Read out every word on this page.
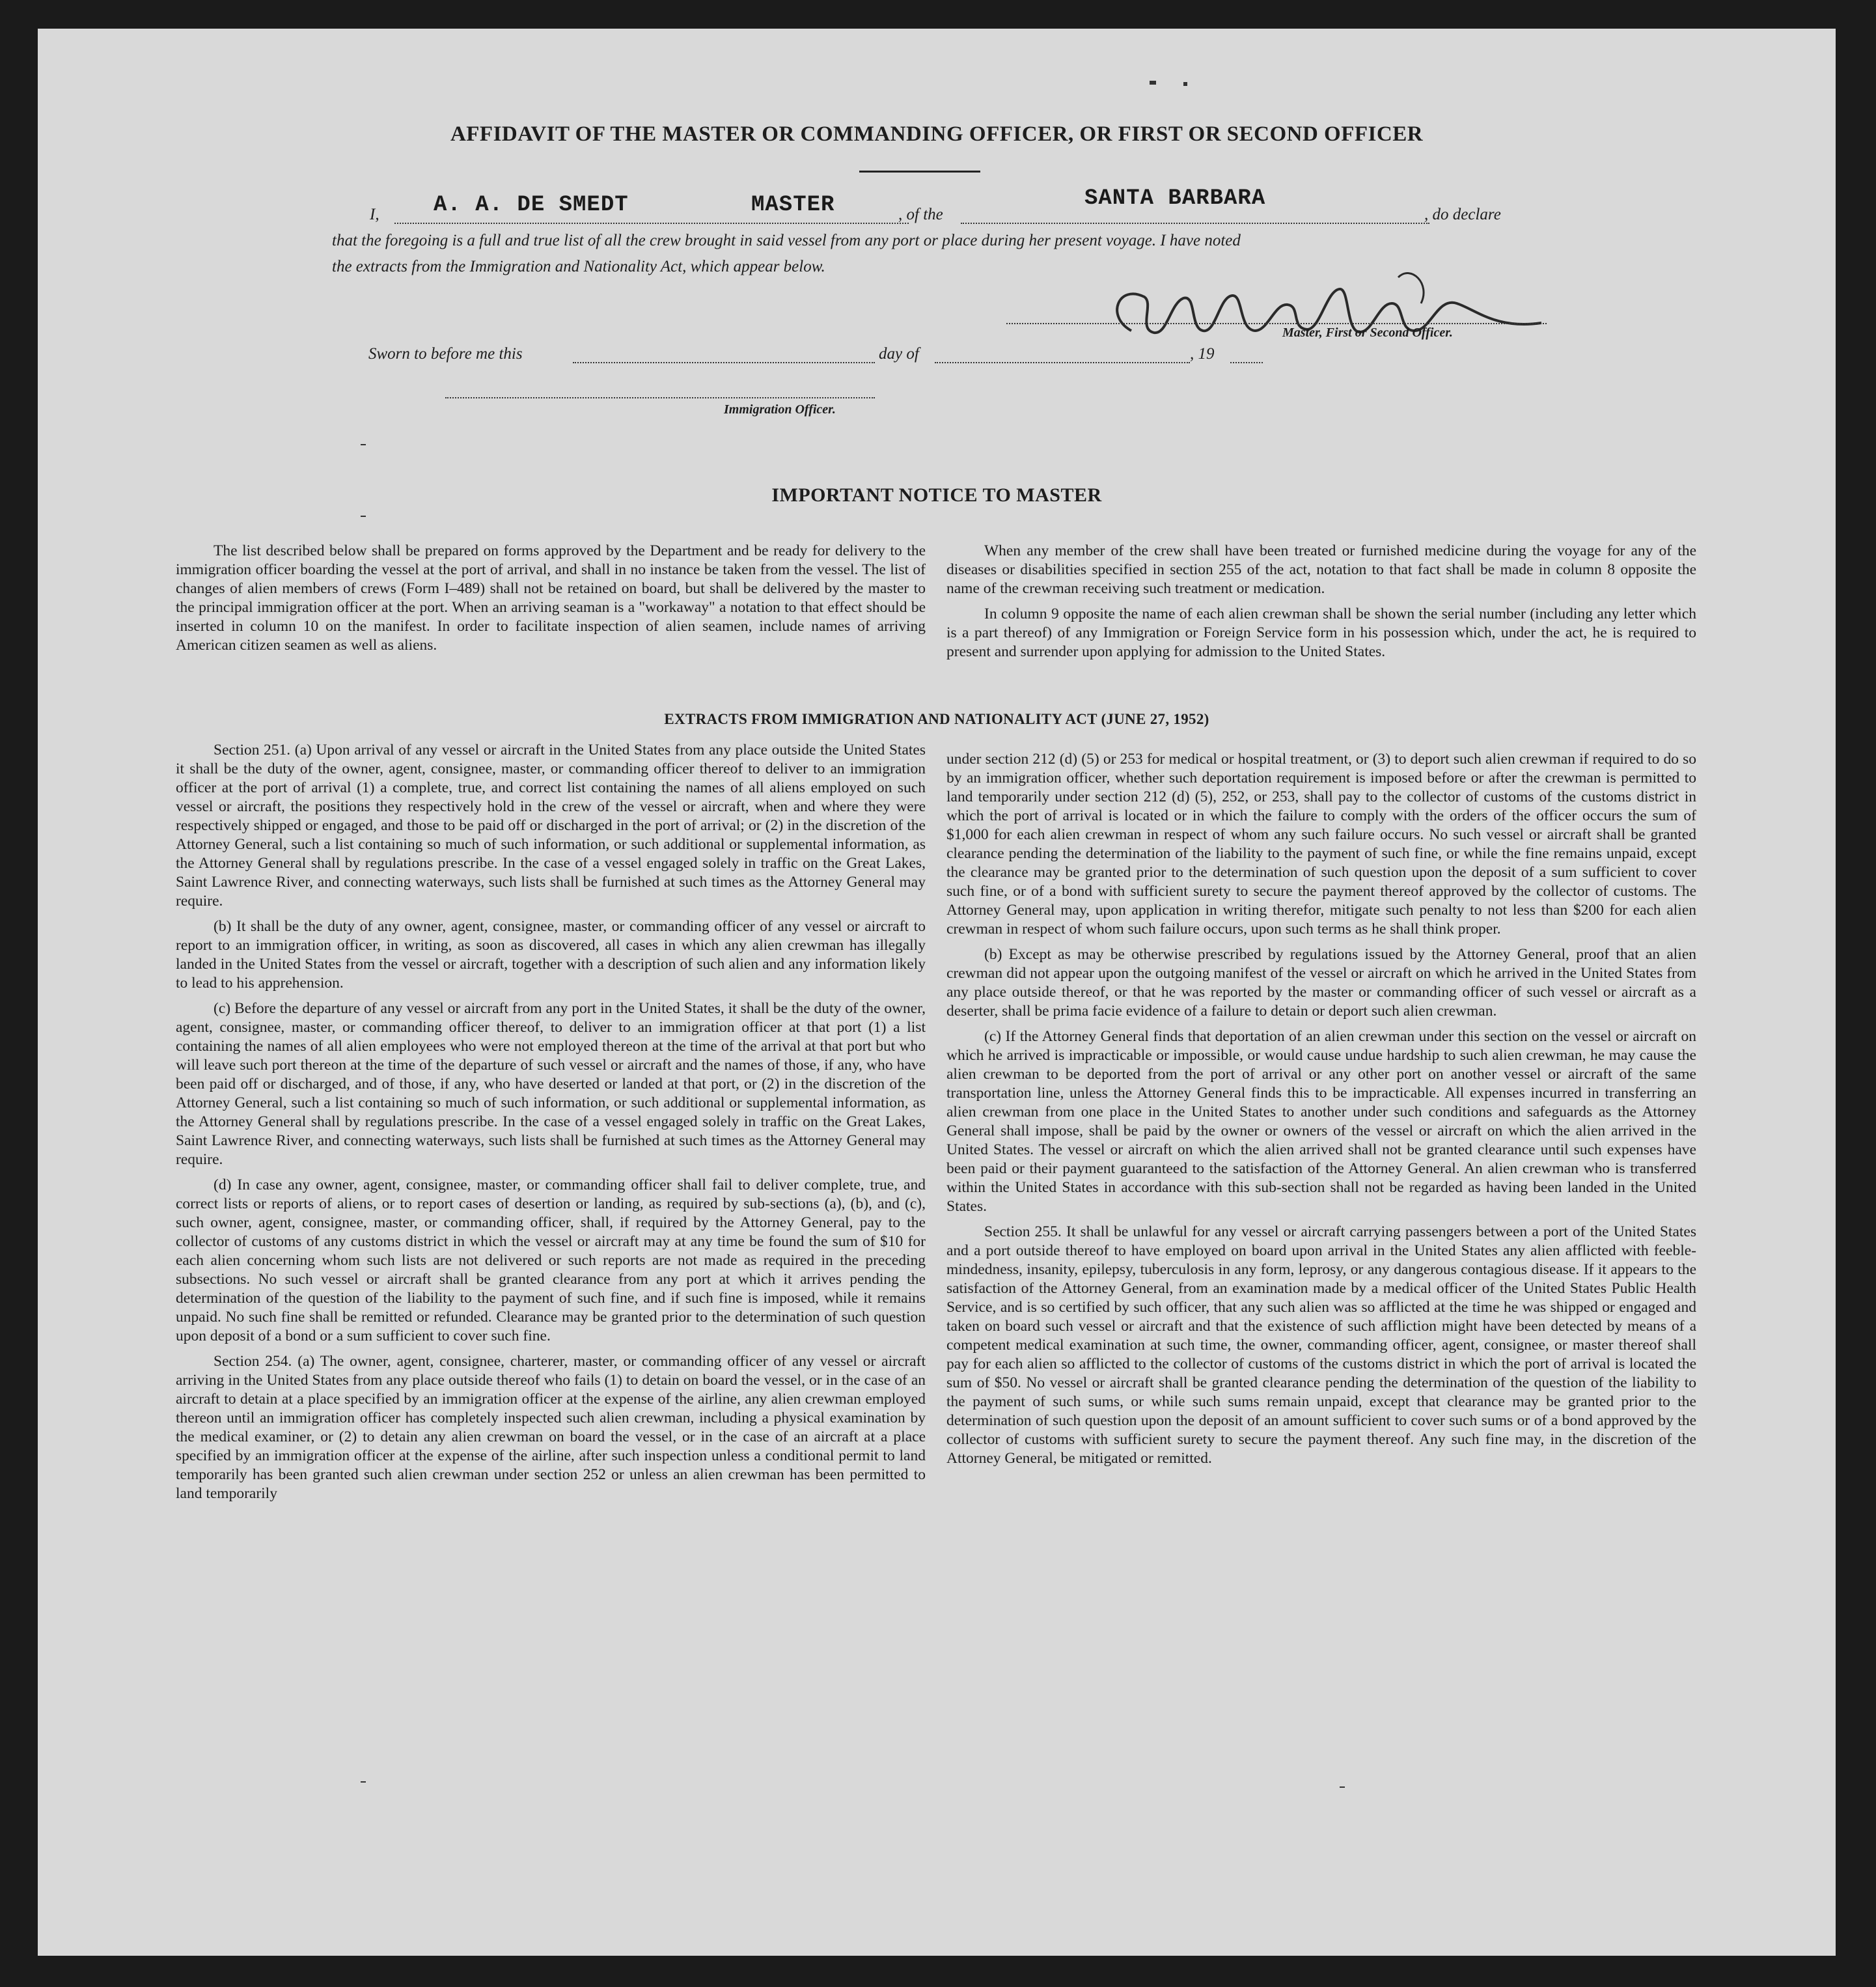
AFFIDAVIT OF THE MASTER OR COMMANDING OFFICER, OR FIRST OR SECOND OFFICER
I, A. A. DE SMEDT	MASTER	, of the
SANTA BARBARA
, do declare
that the foregoing is a full and true list of all the crew brought in said vessel from any port or place during her present voyage. I have noted
the extracts from the Immigration and Nationality Act, which appear below.
Master, First or Second Officer.
Sworn to before me this	day of	, 19
Immigration Officer.
IMPORTANT NOTICE TO MASTER

The list described below shall be prepared on forms approved by the Department and be ready for delivery to the immigration officer boarding the vessel at the port of arrival, and shall in no instance be taken from the vessel. The list of changes of alien members of crews (Form I–489) shall not be retained on board, but shall be delivered by the master to the principal immigration officer at the port. When an arriving seaman is a "workaway" a notation to that effect should be inserted in column 10 on the manifest. In order to facilitate inspection of alien seamen, include names of arriving American citizen seamen as well as aliens.

When any member of the crew shall have been treated or furnished medicine during the voyage for any of the diseases or disabilities specified in section 255 of the act, notation to that fact shall be made in column 8 opposite the name of the crewman receiving such treatment or medication.

In column 9 opposite the name of each alien crewman shall be shown the serial number (including any letter which is a part thereof) of any Immigration or Foreign Service form in his possession which, under the act, he is required to present and surrender upon applying for admission to the United States.

EXTRACTS FROM IMMIGRATION AND NATIONALITY ACT (JUNE 27, 1952)

Section 251. (a) Upon arrival of any vessel or aircraft in the United States from any place outside the United States it shall be the duty of the owner, agent, consignee, master, or commanding officer thereof to deliver to an immigration officer at the port of arrival (1) a complete, true, and correct list containing the names of all aliens employed on such vessel or aircraft, the positions they respectively hold in the crew of the vessel or aircraft, when and where they were respectively shipped or engaged, and those to be paid off or discharged in the port of arrival; or (2) in the discretion of the Attorney General, such a list containing so much of such information, or such additional or supplemental information, as the Attorney General shall by regulations prescribe. In the case of a vessel engaged solely in traffic on the Great Lakes, Saint Lawrence River, and connecting waterways, such lists shall be furnished at such times as the Attorney General may require.

(b) It shall be the duty of any owner, agent, consignee, master, or commanding officer of any vessel or aircraft to report to an immigration officer, in writing, as soon as discovered, all cases in which any alien crewman has illegally landed in the United States from the vessel or aircraft, together with a description of such alien and any information likely to lead to his apprehension.

(c) Before the departure of any vessel or aircraft from any port in the United States, it shall be the duty of the owner, agent, consignee, master, or commanding officer thereof, to deliver to an immigration officer at that port (1) a list containing the names of all alien employees who were not employed thereon at the time of the arrival at that port but who will leave such port thereon at the time of the departure of such vessel or aircraft and the names of those, if any, who have been paid off or discharged, and of those, if any, who have deserted or landed at that port, or (2) in the discretion of the Attorney General, such a list containing so much of such information, or such additional or supplemental information, as the Attorney General shall by regulations prescribe. In the case of a vessel engaged solely in traffic on the Great Lakes, Saint Lawrence River, and connecting waterways, such lists shall be furnished at such times as the Attorney General may require.

(d) In case any owner, agent, consignee, master, or commanding officer shall fail to deliver complete, true, and correct lists or reports of aliens, or to report cases of desertion or landing, as required by sub-sections (a), (b), and (c), such owner, agent, consignee, master, or commanding officer, shall, if required by the Attorney General, pay to the collector of customs of any customs district in which the vessel or aircraft may at any time be found the sum of $10 for each alien concerning whom such lists are not delivered or such reports are not made as required in the preceding subsections. No such vessel or aircraft shall be granted clearance from any port at which it arrives pending the determination of the question of the liability to the payment of such fine, and if such fine is imposed, while it remains unpaid. No such fine shall be remitted or refunded. Clearance may be granted prior to the determination of such question upon deposit of a bond or a sum sufficient to cover such fine.

Section 254. (a) The owner, agent, consignee, charterer, master, or commanding officer of any vessel or aircraft arriving in the United States from any place outside thereof who fails (1) to detain on board the vessel, or in the case of an aircraft to detain at a place specified by an immigration officer at the expense of the airline, any alien crewman employed thereon until an immigration officer has completely inspected such alien crewman, including a physical examination by the medical examiner, or (2) to detain any alien crewman on board the vessel, or in the case of an aircraft at a place specified by an immigration officer at the expense of the airline, after such inspection unless a conditional permit to land temporarily has been granted such alien crewman under section 252 or unless an alien crewman has been permitted to land temporarily

under section 212 (d) (5) or 253 for medical or hospital treatment, or (3) to deport such alien crewman if required to do so by an immigration officer, whether such deportation requirement is imposed before or after the crewman is permitted to land temporarily under section 212 (d) (5), 252, or 253, shall pay to the collector of customs of the customs district in which the port of arrival is located or in which the failure to comply with the orders of the officer occurs the sum of $1,000 for each alien crewman in respect of whom any such failure occurs. No such vessel or aircraft shall be granted clearance pending the determination of the liability to the payment of such fine, or while the fine remains unpaid, except the clearance may be granted prior to the determination of such question upon the deposit of a sum sufficient to cover such fine, or of a bond with sufficient surety to secure the payment thereof approved by the collector of customs. The Attorney General may, upon application in writing therefor, mitigate such penalty to not less than $200 for each alien crewman in respect of whom such failure occurs, upon such terms as he shall think proper.

(b) Except as may be otherwise prescribed by regulations issued by the Attorney General, proof that an alien crewman did not appear upon the outgoing manifest of the vessel or aircraft on which he arrived in the United States from any place outside thereof, or that he was reported by the master or commanding officer of such vessel or aircraft as a deserter, shall be prima facie evidence of a failure to detain or deport such alien crewman.

(c) If the Attorney General finds that deportation of an alien crewman under this section on the vessel or aircraft on which he arrived is impracticable or impossible, or would cause undue hardship to such alien crewman, he may cause the alien crewman to be deported from the port of arrival or any other port on another vessel or aircraft of the same transportation line, unless the Attorney General finds this to be impracticable. All expenses incurred in transferring an alien crewman from one place in the United States to another under such conditions and safeguards as the Attorney General shall impose, shall be paid by the owner or owners of the vessel or aircraft on which the alien arrived in the United States. The vessel or aircraft on which the alien arrived shall not be granted clearance until such expenses have been paid or their payment guaranteed to the satisfaction of the Attorney General. An alien crewman who is transferred within the United States in accordance with this sub-section shall not be regarded as having been landed in the United States.

Section 255. It shall be unlawful for any vessel or aircraft carrying passengers between a port of the United States and a port outside thereof to have employed on board upon arrival in the United States any alien afflicted with feeble-mindedness, insanity, epilepsy, tuberculosis in any form, leprosy, or any dangerous contagious disease. If it appears to the satisfaction of the Attorney General, from an examination made by a medical officer of the United States Public Health Service, and is so certified by such officer, that any such alien was so afflicted at the time he was shipped or engaged and taken on board such vessel or aircraft and that the existence of such affliction might have been detected by means of a competent medical examination at such time, the owner, commanding officer, agent, consignee, or master thereof shall pay for each alien so afflicted to the collector of customs of the customs district in which the port of arrival is located the sum of $50. No vessel or aircraft shall be granted clearance pending the determination of the question of the liability to the payment of such sums, or while such sums remain unpaid, except that clearance may be granted prior to the determination of such question upon the deposit of an amount sufficient to cover such sums or of a bond approved by the collector of customs with sufficient surety to secure the payment thereof. Any such fine may, in the discretion of the Attorney General, be mitigated or remitted.
